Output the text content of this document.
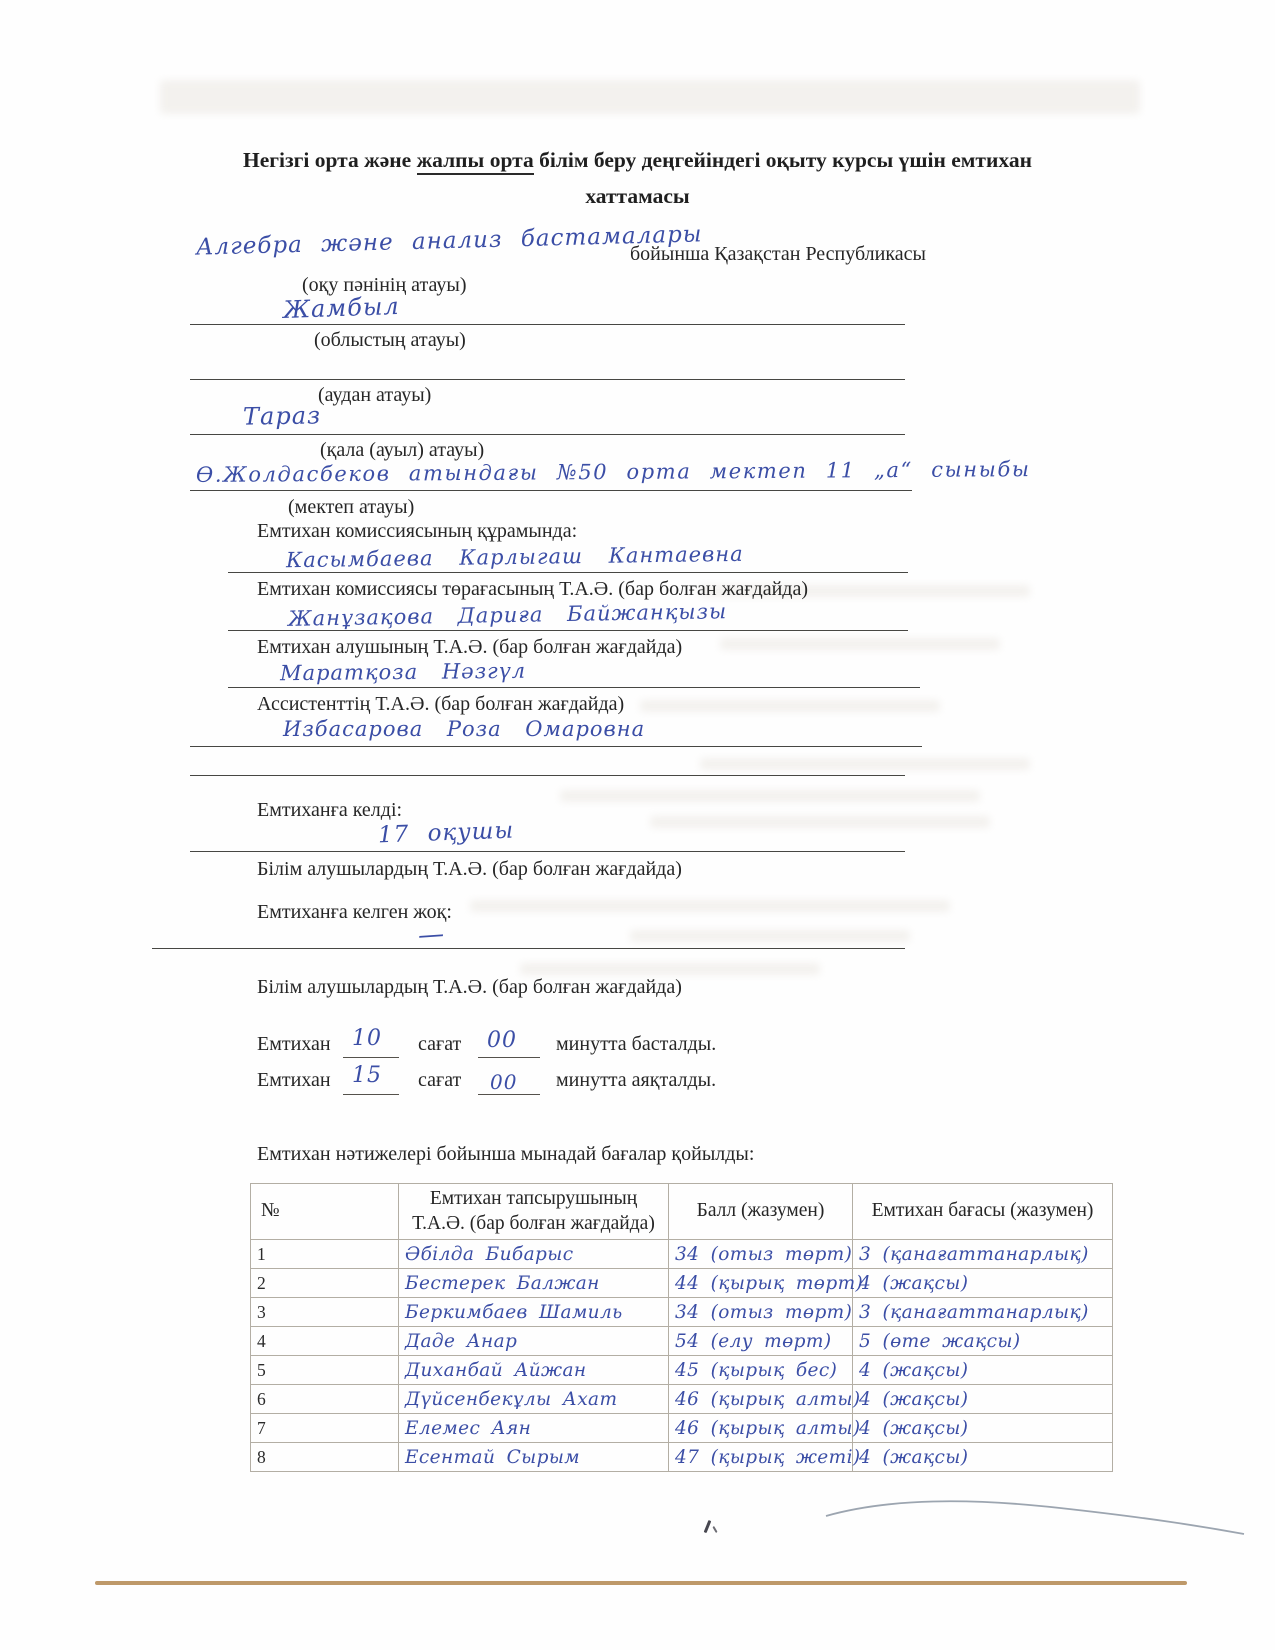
Негізгі орта және жалпы орта білім беру деңгейіндегі оқыту курсы үшін емтихан
хаттамасы
Алгебра және анализ бастамалары
бойынша Қазақстан Республикасы
(оқу пәнінің атауы)
Жамбыл
(облыстың атауы)
(аудан атауы)
Тараз
(қала (ауыл) атауы)
Ө.Жолдасбеков атындағы №50 орта мектеп 11 „а“ сыныбы
(мектеп атауы)
Емтихан комиссиясының құрамында:
Касымбаева Карлыгаш Кантаевна
Емтихан комиссиясы төрағасының Т.А.Ә. (бар болған жағдайда)
Жанұзақова Дариға Байжанқызы
Емтихан алушының Т.А.Ә. (бар болған жағдайда)
Маратқоза Нәзгүл
Ассистенттің Т.А.Ә. (бар болған жағдайда)
Избасарова Роза Омаровна
Емтиханға келді:
17 оқушы
Білім алушылардың Т.А.Ә. (бар болған жағдайда)
Емтиханға келген жоқ:
—
Білім алушылардың Т.А.Ә. (бар болған жағдайда)
Емтихан 10 сағат 00 минутта басталды.
Емтихан 15 сағат 00 минутта аяқталды.
Емтихан нәтижелері бойынша мынадай бағалар қойылды:
№	Емтихан тапсырушының Т.А.Ә. (бар болған жағдайда)	Балл (жазумен)	Емтихан бағасы (жазумен)
1	Әбілда Бибарыс	34 (отыз төрт)	3 (қанағаттанарлық)
2	Бестерек Балжан	44 (қырық төрт)	4 (жақсы)
3	Беркимбаев Шамиль	34 (отыз төрт)	3 (қанағаттанарлық)
4	Даде Анар	54 (елу төрт)	5 (өте жақсы)
5	Диханбай Айжан	45 (қырық бес)	4 (жақсы)
6	Дүйсенбекұлы Ахат	46 (қырық алты)	4 (жақсы)
7	Елемес Аян	46 (қырық алты)	4 (жақсы)
8	Есентай Сырым	47 (қырық жеті)	4 (жақсы)
